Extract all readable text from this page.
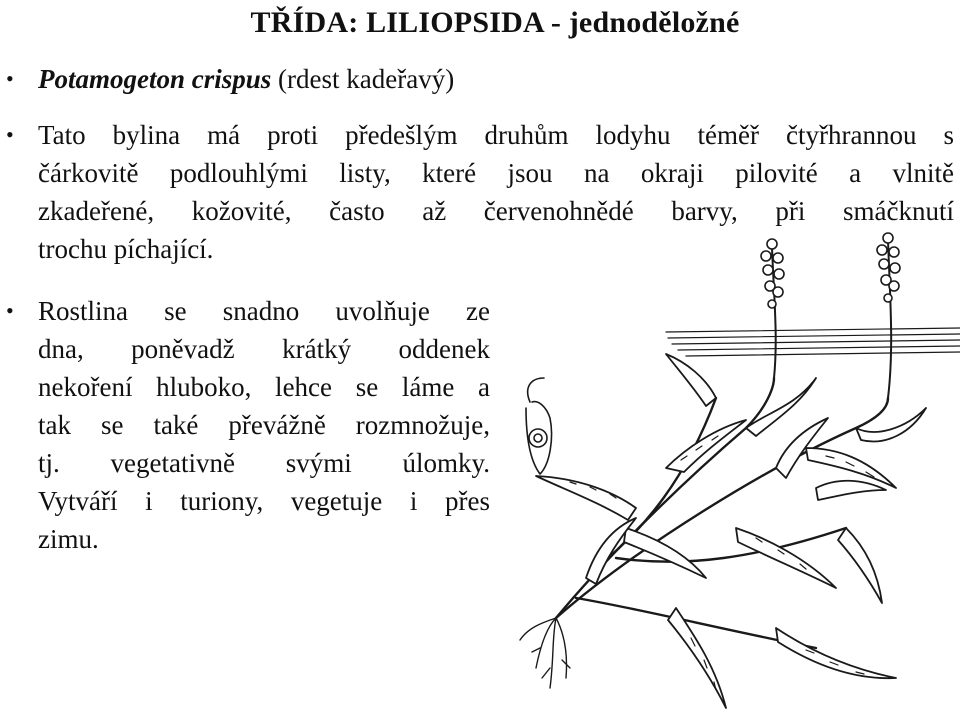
TŘÍDA: LILIOPSIDA - jednoděložné
• Potamogeton crispus (rdest kadeřavý)
• Tato bylina má proti předešlým druhům lodyhu téměř čtyřhrannou s
čárkovitě podlouhlými listy, které jsou na okraji pilovité a vlnitě
zkadeřené, kožovité, často až červenohnědé barvy, při smáčknutí
trochu píchající.
• Rostlina se snadno uvolňuje ze
dna, poněvadž krátký oddenek
nekoření hluboko, lehce se láme a
tak se také převážně rozmnožuje,
tj. vegetativně svými úlomky.
Vytváří i turiony, vegetuje i přes
zimu.
